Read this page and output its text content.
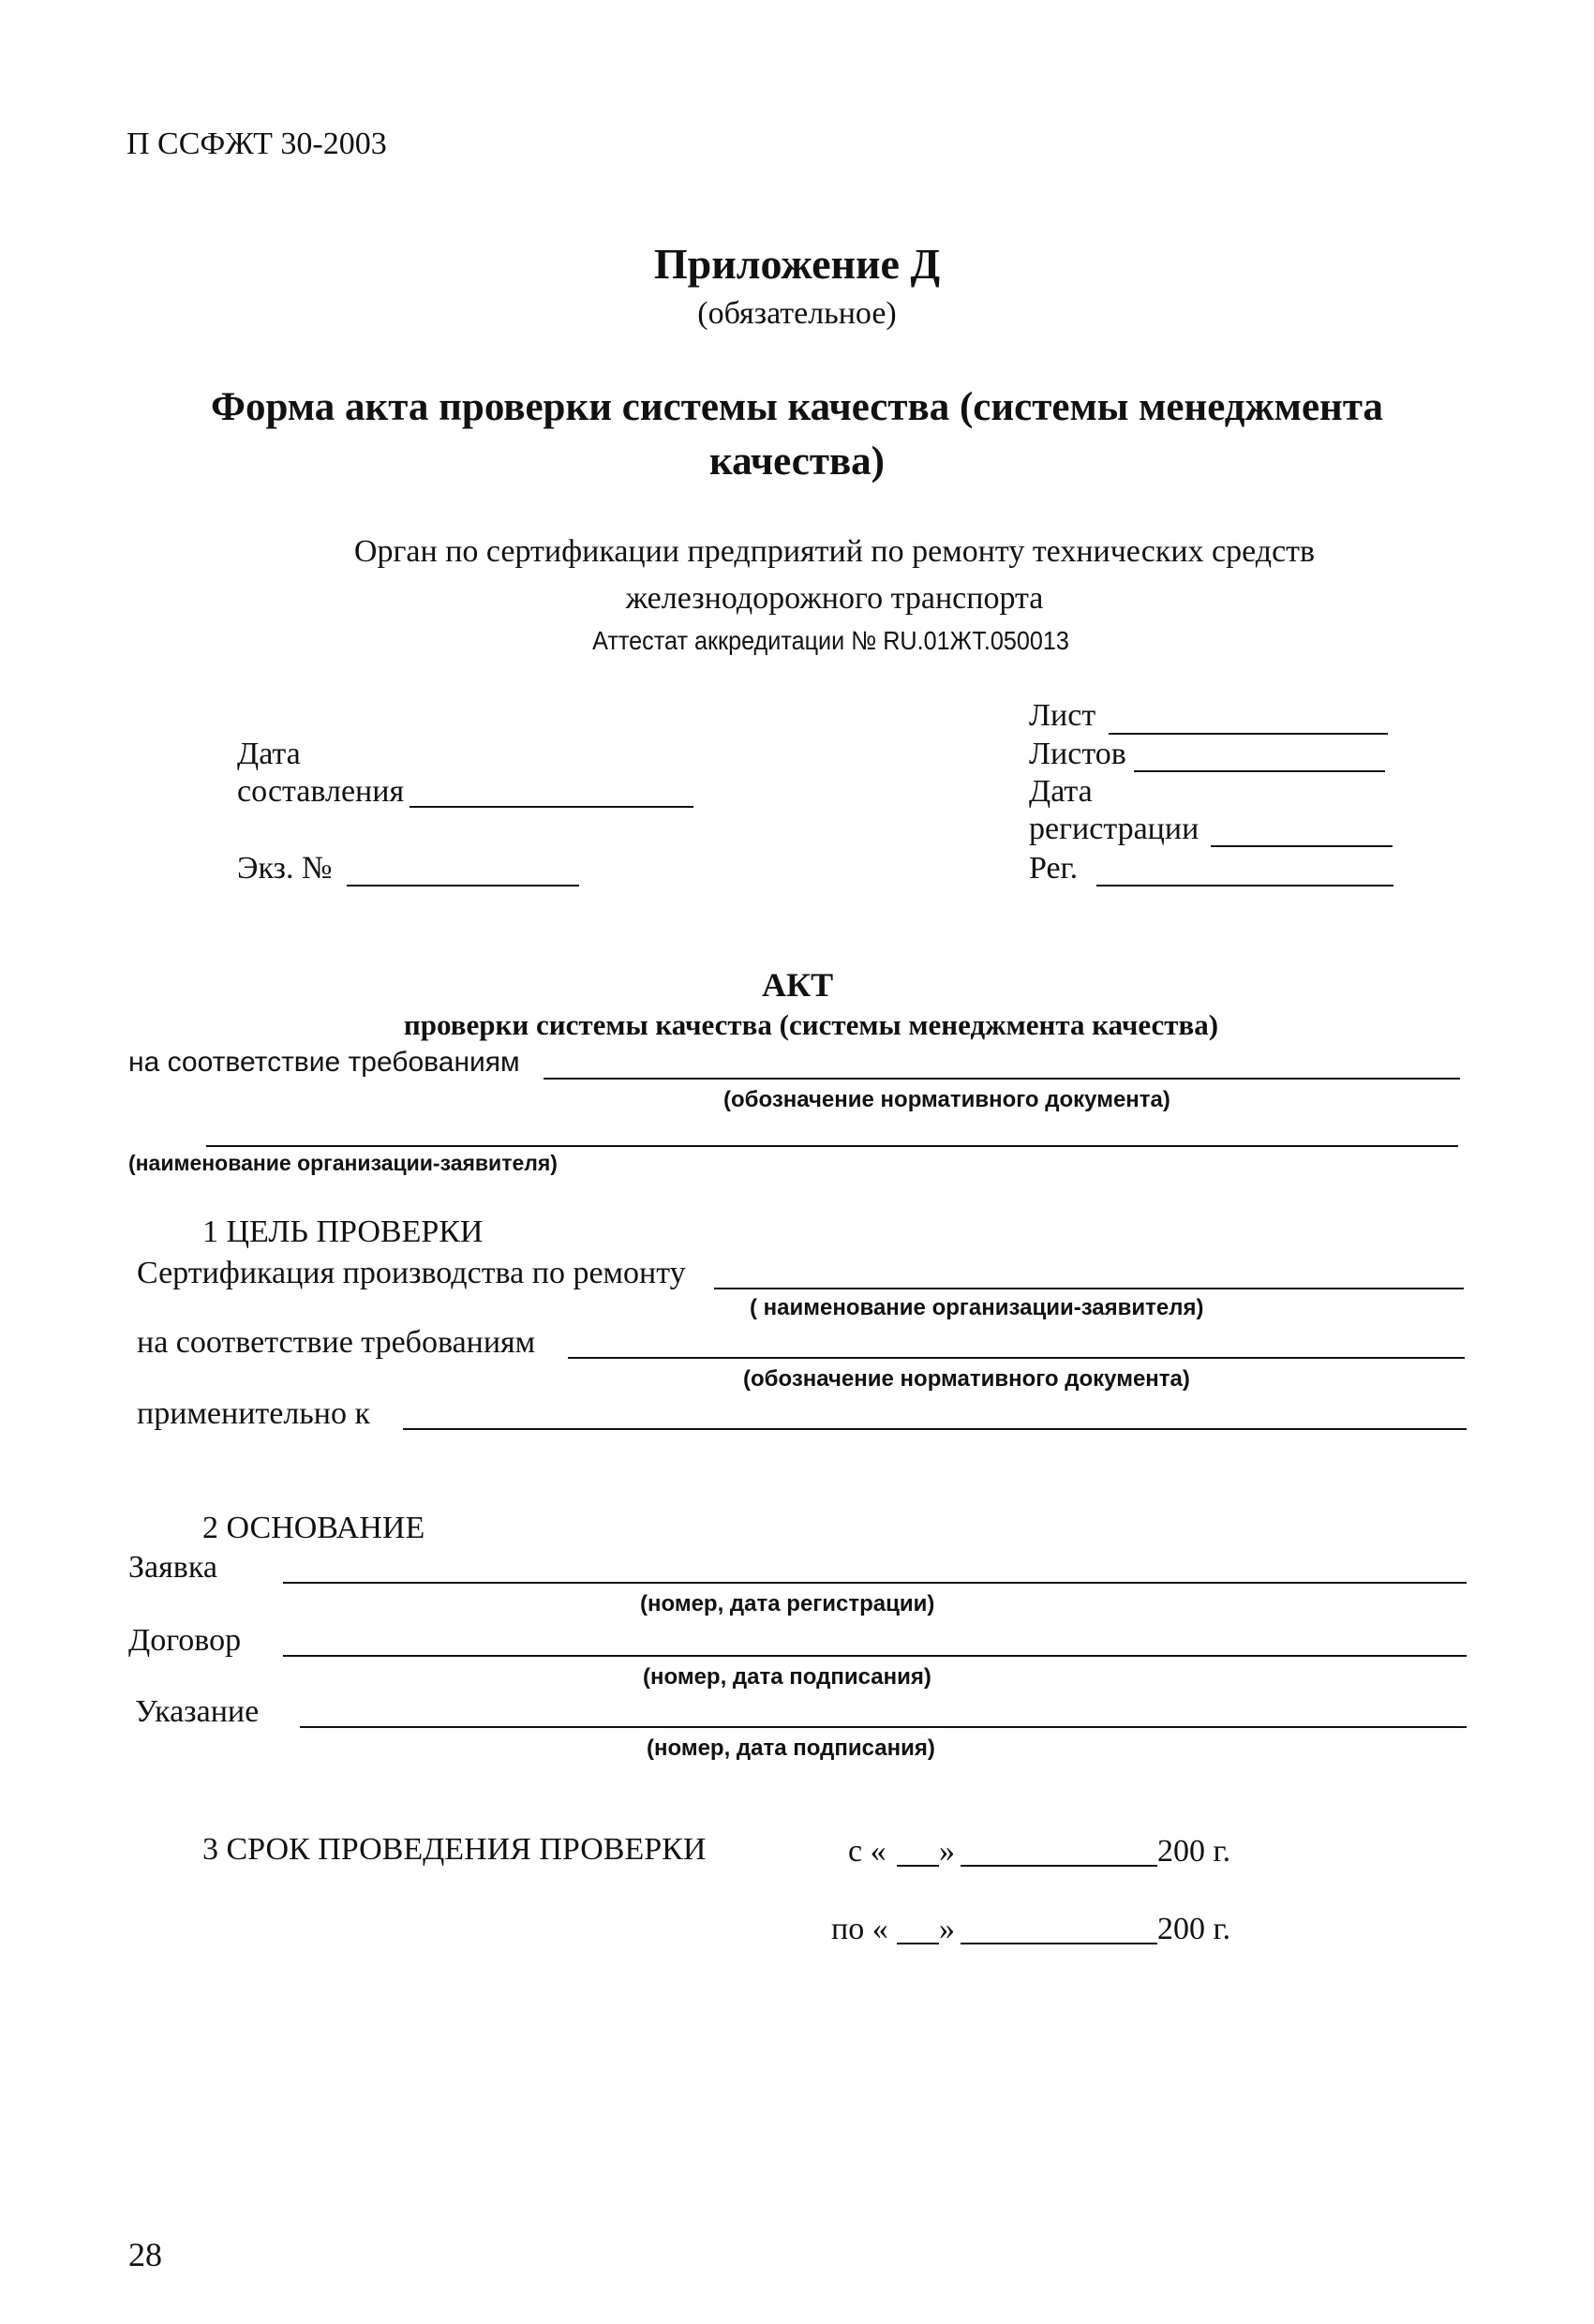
П ССФЖТ 30-2003
Приложение Д
(обязательное)
Форма акта проверки системы качества (системы менеджмента
качества)
Орган по сертификации предприятий по ремонту технических средств
железнодорожного транспорта
Аттестат аккредитации № RU.01ЖТ.050013
Дата
составления
Экз. №
Лист
Листов
Дата
регистрации
Рег.
АКТ
проверки системы качества (системы менеджмента качества)
на соответствие требованиям
(обозначение нормативного документа)
(наименование организации-заявителя)
1 ЦЕЛЬ ПРОВЕРКИ
Сертификация производства по ремонту
( наименование организации-заявителя)
на соответствие требованиям
(обозначение нормативного документа)
применительно к
2 ОСНОВАНИЕ
Заявка
(номер, дата регистрации)
Договор
(номер, дата подписания)
Указание
(номер, дата подписания)
3 СРОК ПРОВЕДЕНИЯ ПРОВЕРКИ	с « »	200 г.
по « »	200 г.
28
